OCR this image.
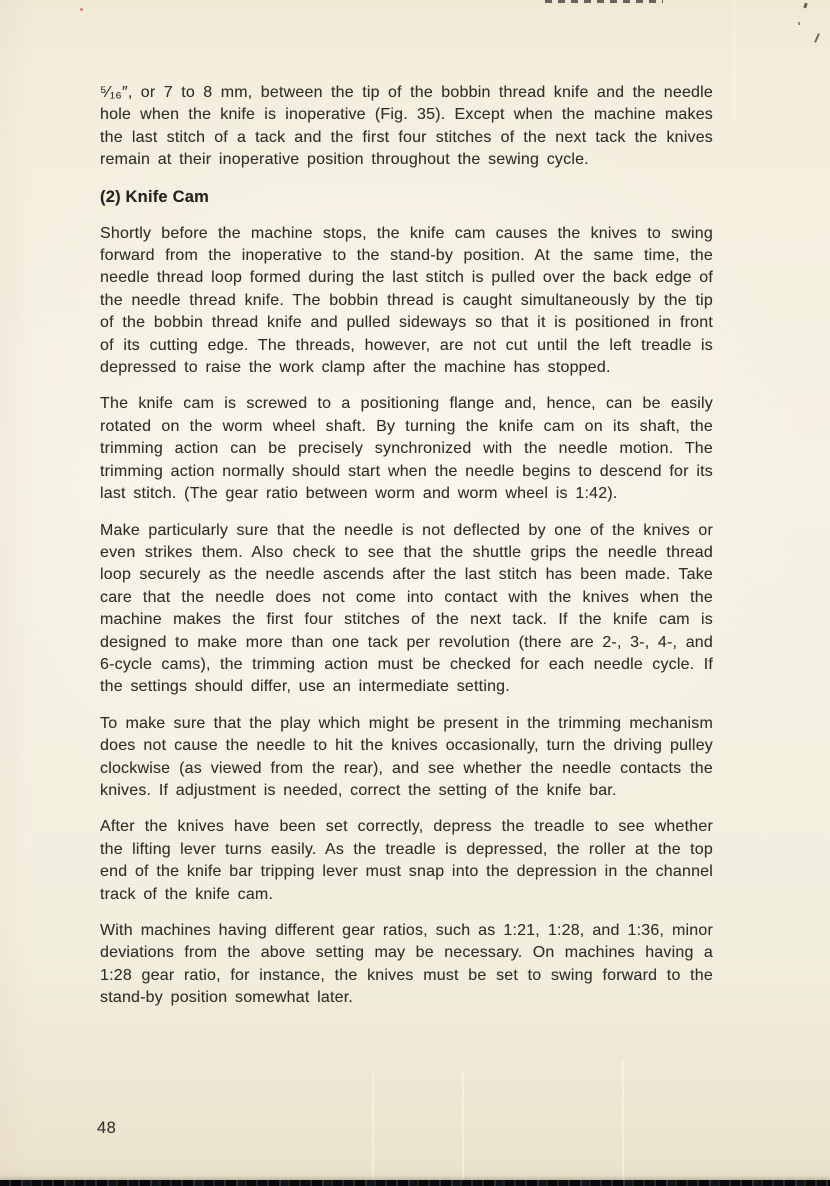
⁵⁄₁₆″, or 7 to 8 mm, between the tip of the bobbin thread knife and the needle hole when the knife is inoperative (Fig. 35). Except when the machine makes the last stitch of a tack and the first four stitches of the next tack the knives remain at their inoperative position throughout the sewing cycle.

(2) Knife Cam

Shortly before the machine stops, the knife cam causes the knives to swing forward from the inoperative to the stand-by position. At the same time, the needle thread loop formed during the last stitch is pulled over the back edge of the needle thread knife. The bobbin thread is caught simultaneously by the tip of the bobbin thread knife and pulled sideways so that it is positioned in front of its cutting edge. The threads, however, are not cut until the left treadle is depressed to raise the work clamp after the machine has stopped.

The knife cam is screwed to a positioning flange and, hence, can be easily rotated on the worm wheel shaft. By turning the knife cam on its shaft, the trimming action can be precisely synchronized with the needle motion. The trimming action normally should start when the needle begins to descend for its last stitch. (The gear ratio between worm and worm wheel is 1:42).

Make particularly sure that the needle is not deflected by one of the knives or even strikes them. Also check to see that the shuttle grips the needle thread loop securely as the needle ascends after the last stitch has been made. Take care that the needle does not come into contact with the knives when the machine makes the first four stitches of the next tack. If the knife cam is designed to make more than one tack per revolution (there are 2-, 3-, 4-, and 6-cycle cams), the trimming action must be checked for each needle cycle. If the settings should differ, use an intermediate setting.

To make sure that the play which might be present in the trimming mechanism does not cause the needle to hit the knives occasionally, turn the driving pulley clockwise (as viewed from the rear), and see whether the needle contacts the knives. If adjustment is needed, correct the setting of the knife bar.

After the knives have been set correctly, depress the treadle to see whether the lifting lever turns easily. As the treadle is depressed, the roller at the top end of the knife bar tripping lever must snap into the depression in the channel track of the knife cam.

With machines having different gear ratios, such as 1:21, 1:28, and 1:36, minor deviations from the above setting may be necessary. On machines having a 1:28 gear ratio, for instance, the knives must be set to swing forward to the stand-by position somewhat later.

48
